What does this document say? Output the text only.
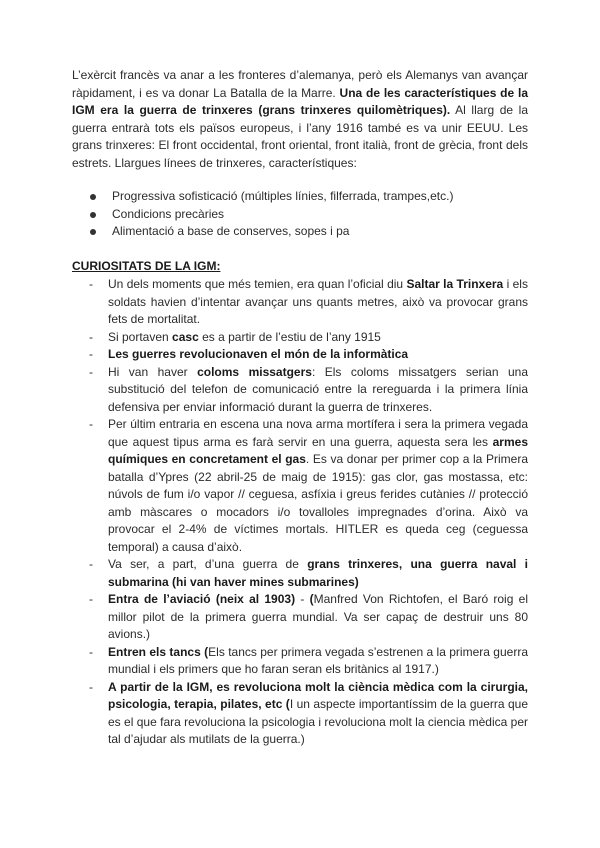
L’exèrcit francès va anar a les fronteres d’alemanya, però els Alemanys van avançar ràpidament, i es va donar La Batalla de la Marre. Una de les característiques de la IGM era la guerra de trinxeres (grans trinxeres quilomètriques). Al llarg de la guerra entrarà tots els països europeus, i l’any 1916 també es va unir EEUU. Les grans trinxeres: El front occidental, front oriental, front italià, front de grècia, front dels estrets. Llargues línees de trinxeres, característiques:

Progressiva sofisticació (múltiples línies, filferrada, trampes,etc.)
Condicions precàries
Alimentació a base de conserves, sopes i pa
CURIOSITATS DE LA IGM:
- Un dels moments que més temien, era quan l’oficial diu Saltar la Trinxera i els soldats havien d’intentar avançar uns quants metres, això va provocar grans fets de mortalitat.
- Si portaven casc es a partir de l’estiu de l’any 1915
- Les guerres revolucionaven el món de la informàtica
- Hi van haver coloms missatgers: Els coloms missatgers serian una substitució del telefon de comunicació entre la rereguarda i la primera línia defensiva per enviar informació durant la guerra de trinxeres.
- Per últim entraria en escena una nova arma mortífera i sera la primera vegada que aquest tipus arma es farà servir en una guerra, aquesta sera les armes químiques en concretament el gas. Es va donar per primer cop a la Primera batalla d’Ypres (22 abril-25 de maig de 1915): gas clor, gas mostassa, etc: núvols de fum i/o vapor // ceguesa, asfíxia i greus ferides cutànies // protecció amb màscares o mocadors i/o tovalloles impregnades d’orina. Això va provocar el 2-4% de víctimes mortals. HITLER es queda ceg (ceguessa temporal) a causa d’això.
- Va ser, a part, d’una guerra de grans trinxeres, una guerra naval i submarina (hi van haver mines submarines)
- Entra de l’aviació (neix al 1903) - (Manfred Von Richtofen, el Baró roig el millor pilot de la primera guerra mundial. Va ser capaç de destruir uns 80 avions.)
- Entren els tancs (Els tancs per primera vegada s’estrenen a la primera guerra mundial i els primers que ho faran seran els britànics al 1917.)
- A partir de la IGM, es revoluciona molt la ciència mèdica com la cirurgia, psicologia, terapia, pilates, etc (I un aspecte importantíssim de la guerra que es el que fara revoluciona la psicologia i revoluciona molt la ciencia mèdica per tal d’ajudar als mutilats de la guerra.)
